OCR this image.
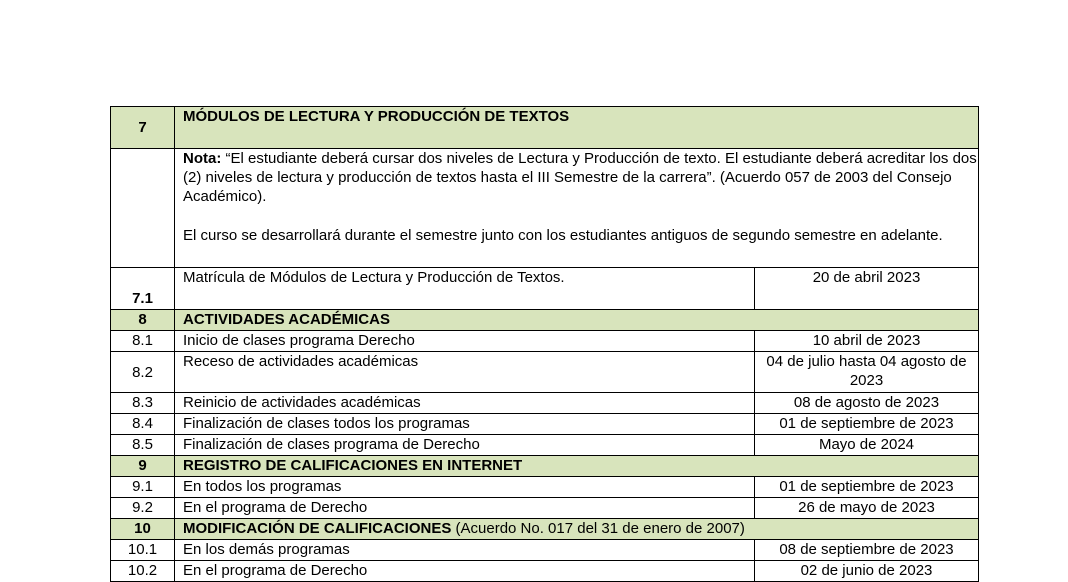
7	MÓDULOS DE LECTURA Y PRODUCCIÓN DE TEXTOS	

	Nota: “El estudiante deberá cursar dos niveles de Lectura y Producción de texto. El estudiante deberá acreditar los dos (2) niveles de lectura y producción de textos hasta el III Semestre de la carrera”. (Acuerdo 057 de 2003 del Consejo Académico).

El curso se desarrollará durante el semestre junto con los estudiantes antiguos de segundo semestre en adelante.	

7.1	Matrícula de Módulos de Lectura y Producción de Textos.	20 de abril 2023
8	ACTIVIDADES ACADÉMICAS	
8.1	Inicio de clases programa Derecho	10 abril de 2023
8.2	Receso de actividades académicas	04 de julio hasta 04 agosto de 2023
8.3	Reinicio de actividades académicas	08 de agosto de 2023
8.4	Finalización de clases todos los programas	01 de septiembre de 2023
8.5	Finalización de clases programa de Derecho	Mayo de 2024
9	REGISTRO DE CALIFICACIONES EN INTERNET	
9.1	En todos los programas	01 de septiembre de 2023
9.2	En el programa de Derecho	26 de mayo de 2023
10	MODIFICACIÓN DE CALIFICACIONES (Acuerdo No. 017 del 31 de enero de 2007)	
10.1	En los demás programas	08 de septiembre de 2023
10.2	En el programa de Derecho	02 de junio de 2023
